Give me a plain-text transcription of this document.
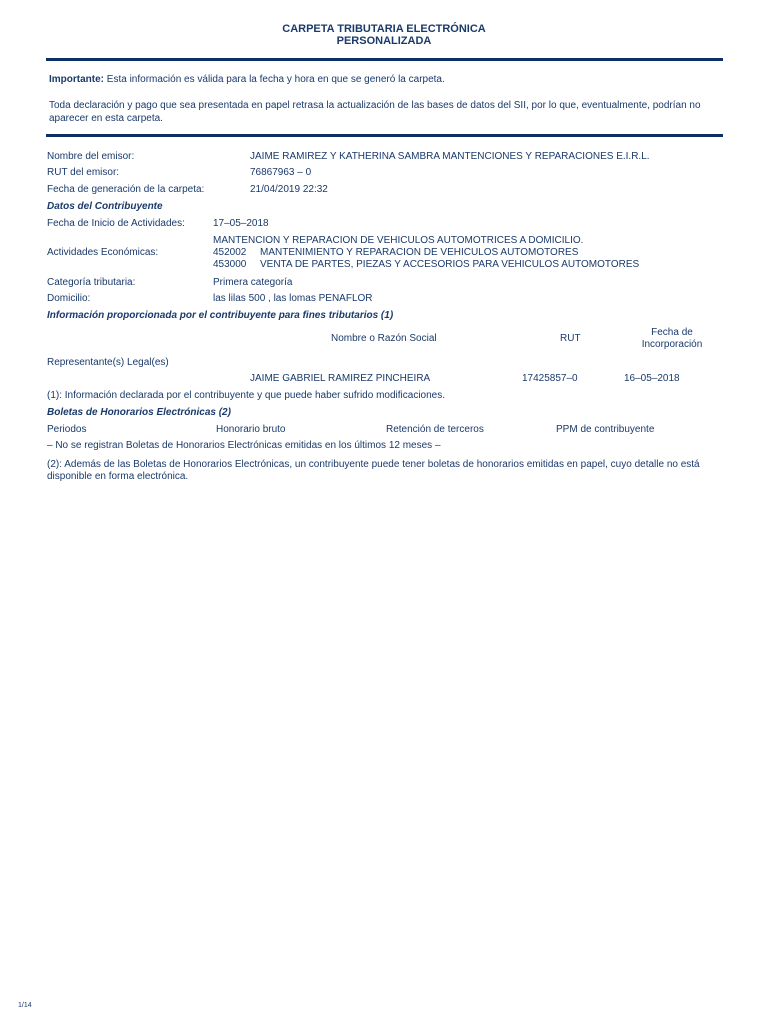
CARPETA TRIBUTARIA ELECTRÓNICA
PERSONALIZADA
Importante: Esta información es válida para la fecha y hora en que se generó la carpeta.
Toda declaración y pago que sea presentada en papel retrasa la actualización de las bases de datos del SII, por lo que, eventualmente, podrían no aparecer en esta carpeta.
Nombre del emisor:	JAIME RAMIREZ Y KATHERINA SAMBRA MANTENCIONES Y REPARACIONES E.I.R.L.
RUT del emisor:	76867963 – 0
Fecha de generación de la carpeta:	21/04/2019 22:32
Datos del Contribuyente
Fecha de Inicio de Actividades:	17–05–2018
Actividades Económicas:
MANTENCION Y REPARACION DE VEHICULOS AUTOMOTRICES A DOMICILIO.
452002 MANTENIMIENTO Y REPARACION DE VEHICULOS AUTOMOTORES
453000 VENTA DE PARTES, PIEZAS Y ACCESORIOS PARA VEHICULOS AUTOMOTORES
Categoría tributaria:	Primera categoría
Domicilio:	las lilas 500 , las lomas PENAFLOR
Información proporcionada por el contribuyente para fines tributarios (1)
Nombre o Razón Social	RUT
Fecha de
Incorporación
Representante(s) Legal(es)
JAIME GABRIEL RAMIREZ PINCHEIRA	17425857–0	16–05–2018
(1): Información declarada por el contribuyente y que puede haber sufrido modificaciones.
Boletas de Honorarios Electrónicas (2)
Periodos	Honorario bruto	Retención de terceros	PPM de contribuyente
– No se registran Boletas de Honorarios Electrónicas emitidas en los últimos 12 meses –
(2): Además de las Boletas de Honorarios Electrónicas, un contribuyente puede tener boletas de honorarios emitidas en papel, cuyo detalle no está disponible en forma electrónica.
1/14
